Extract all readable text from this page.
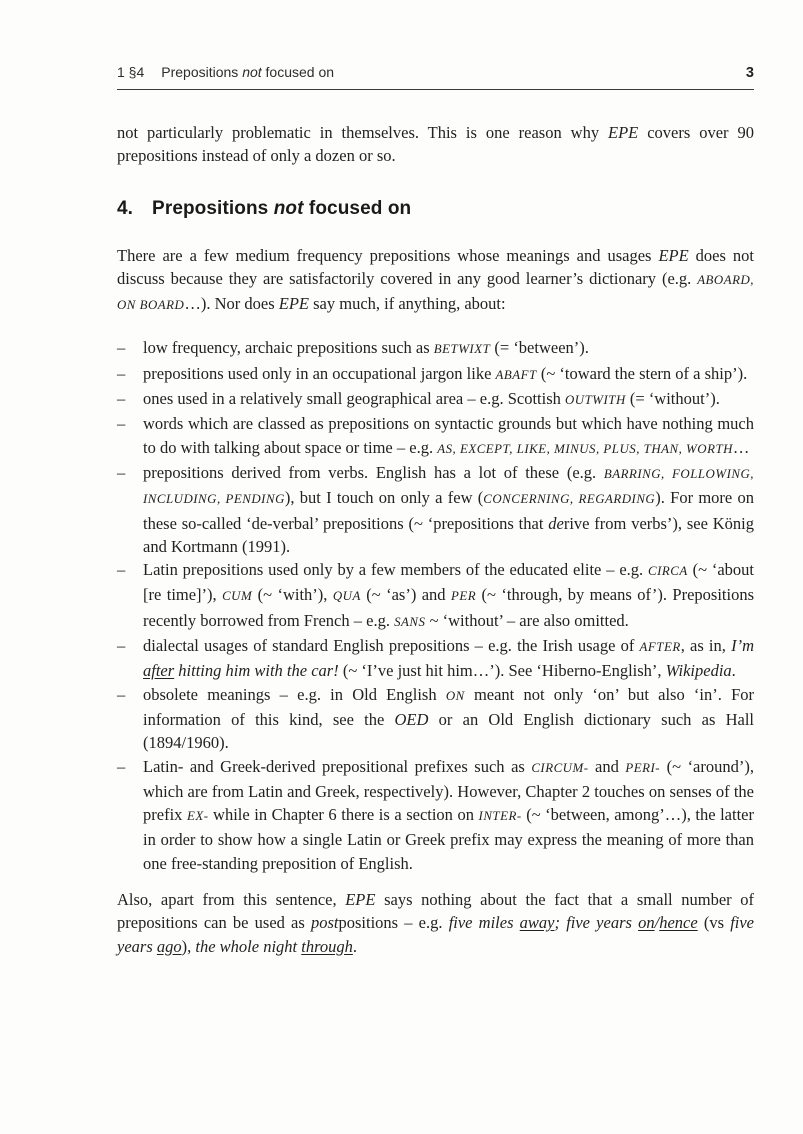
1 §4 Prepositions not focused on	3

not particularly problematic in themselves. This is one reason why EPE covers over 90 prepositions instead of only a dozen or so.

4. Prepositions not focused on

There are a few medium frequency prepositions whose meanings and usages EPE does not discuss because they are satisfactorily covered in any good learner’s dictionary (e.g. ABOARD, ON BOARD…). Nor does EPE say much, if anything, about:

–	low frequency, archaic prepositions such as BETWIXT (= ‘between’).
–	prepositions used only in an occupational jargon like ABAFT (~ ‘toward the stern of a ship’).
–	ones used in a relatively small geographical area – e.g. Scottish OUTWITH (= ‘without’).
–	words which are classed as prepositions on syntactic grounds but which have nothing much to do with talking about space or time – e.g. AS, EXCEPT, LIKE, MINUS, PLUS, THAN, WORTH…
–	prepositions derived from verbs. English has a lot of these (e.g. BARRING, FOLLOWING, INCLUDING, PENDING), but I touch on only a few (CONCERNING, REGARDING). For more on these so-called ‘de-verbal’ prepositions (~ ‘prepositions that derive from verbs’), see König and Kortmann (1991).
–	Latin prepositions used only by a few members of the educated elite – e.g. CIRCA (~ ‘about [re time]’), CUM (~ ‘with’), QUA (~ ‘as’) and PER (~ ‘through, by means of’). Prepositions recently borrowed from French – e.g. SANS ~ ‘without’ – are also omitted.
–	dialectal usages of standard English prepositions – e.g. the Irish usage of AFTER, as in, I’m after hitting him with the car! (~ ‘I’ve just hit him…’). See ‘Hiberno-English’, Wikipedia.
–	obsolete meanings – e.g. in Old English ON meant not only ‘on’ but also ‘in’. For information of this kind, see the OED or an Old English dictionary such as Hall (1894/1960).
–	Latin- and Greek-derived prepositional prefixes such as CIRCUM- and PERI- (~ ‘around’), which are from Latin and Greek, respectively). However, Chapter 2 touches on senses of the prefix EX- while in Chapter 6 there is a section on INTER- (~ ‘between, among’…), the latter in order to show how a single Latin or Greek prefix may express the meaning of more than one free-standing preposition of English.

Also, apart from this sentence, EPE says nothing about the fact that a small number of prepositions can be used as postpositions – e.g. five miles away; five years on/hence (vs five years ago), the whole night through.
